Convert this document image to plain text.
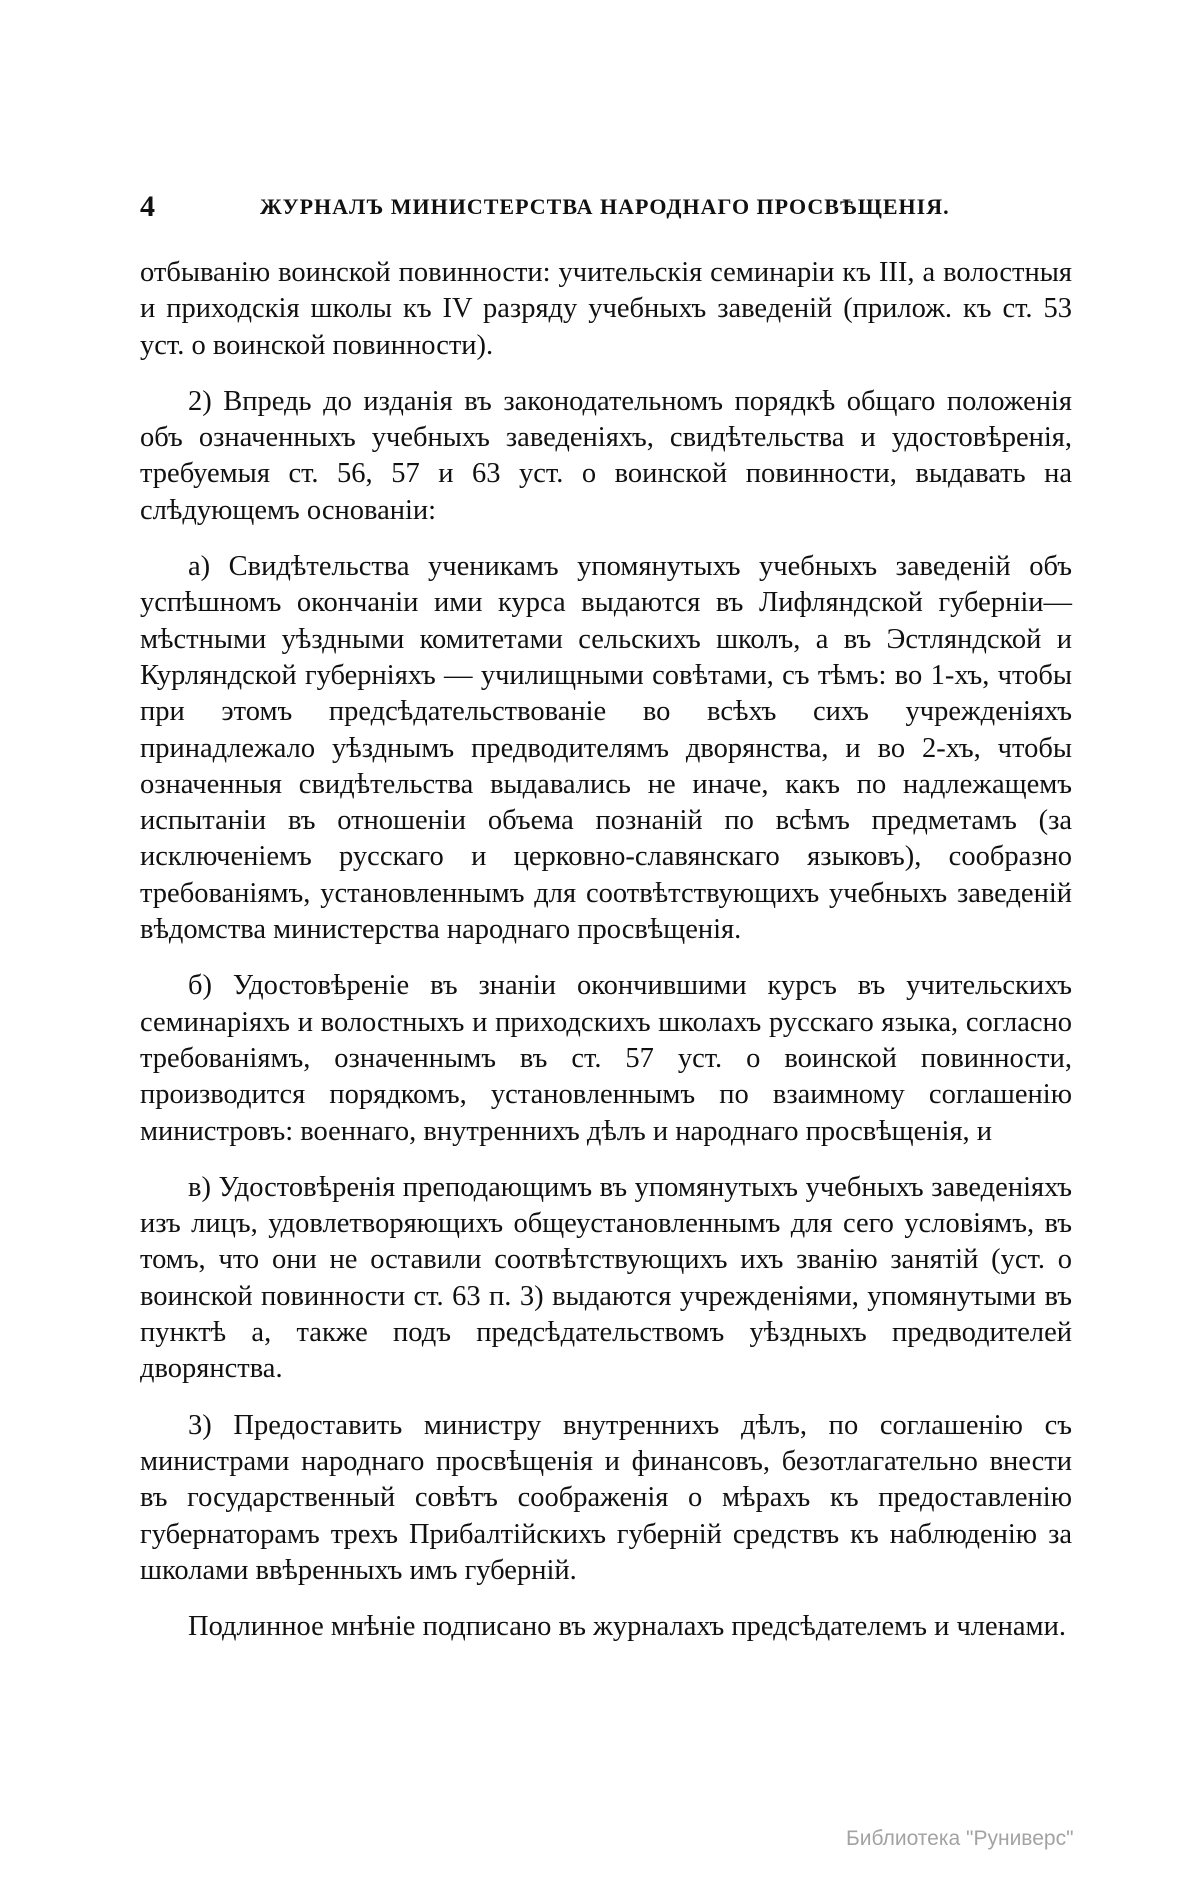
4	ЖУРНАЛЪ МИНИСТЕРСТВА НАРОДНАГО ПРОСВѢЩЕНІЯ.

отбыванію воинской повинности: учительскія семинаріи къ III, а волостныя и приходскія школы къ IV разряду учебныхъ заведеній (прилож. къ ст. 53 уст. о воинской повинности).

2) Впредь до изданія въ законодательномъ порядкѣ общаго положенія объ означенныхъ учебныхъ заведеніяхъ, свидѣтельства и удостовѣренія, требуемыя ст. 56, 57 и 63 уст. о воинской повинности, выдавать на слѣдующемъ основаніи:

а) Свидѣтельства ученикамъ упомянутыхъ учебныхъ заведеній объ успѣшномъ окончаніи ими курса выдаются въ Лифляндской губерніи—мѣстными уѣздными комитетами сельскихъ школъ, а въ Эстляндской и Курляндской губерніяхъ — училищными совѣтами, съ тѣмъ: во 1-хъ, чтобы при этомъ предсѣдательствованіе во всѣхъ сихъ учрежденіяхъ принадлежало уѣзднымъ предводителямъ дворянства, и во 2-хъ, чтобы означенныя свидѣтельства выдавались не иначе, какъ по надлежащемъ испытаніи въ отношеніи объема познаній по всѣмъ предметамъ (за исключеніемъ русскаго и церковно-славянскаго языковъ), сообразно требованіямъ, установленнымъ для соотвѣтствующихъ учебныхъ заведеній вѣдомства министерства народнаго просвѣщенія.

б) Удостовѣреніе въ знаніи окончившими курсъ въ учительскихъ семинаріяхъ и волостныхъ и приходскихъ школахъ русскаго языка, согласно требованіямъ, означеннымъ въ ст. 57 уст. о воинской повинности, производится порядкомъ, установленнымъ по взаимному соглашенію министровъ: военнаго, внутреннихъ дѣлъ и народнаго просвѣщенія, и

в) Удостовѣренія преподающимъ въ упомянутыхъ учебныхъ заведеніяхъ изъ лицъ, удовлетворяющихъ общеустановленнымъ для сего условіямъ, въ томъ, что они не оставили соотвѣтствующихъ ихъ званію занятій (уст. о воинской повинности ст. 63 п. 3) выдаются учрежденіями, упомянутыми въ пунктѣ а, также подъ предсѣдательствомъ уѣздныхъ предводителей дворянства.

3) Предоставить министру внутреннихъ дѣлъ, по соглашенію съ министрами народнаго просвѣщенія и финансовъ, безотлагательно внести въ государственный совѣтъ соображенія о мѣрахъ къ предоставленію губернаторамъ трехъ Прибалтійскихъ губерній средствъ къ наблюденію за школами ввѣренныхъ имъ губерній.

Подлинное мнѣніе подписано въ журналахъ предсѣдателемъ и членами.

Библиотека "Руниверс"
